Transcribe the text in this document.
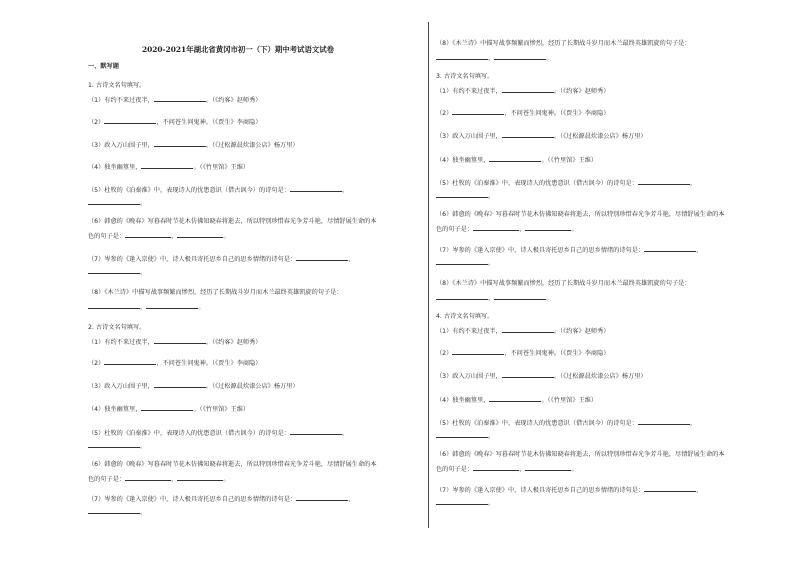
2020-2021年湖北省黄冈市初一（下）期中考试语文试卷
一、默写题
1. 古诗文名句填写。
（1）有约不来过夜半，	。（《约客》赵师秀）
（2）	，不问苍生问鬼神。（《贾生》李商隐）
（3）政入万山围子里，	。（《过松源晨炊漆公店》杨万里）
（4）独坐幽篁里，	。（《竹里馆》王维）
（5）杜牧的《泊秦淮》中，表现诗人的忧患意识（借古讽今）的诗句是：	，
。
（6）韩愈的《晚春》写暮春时节花木仿佛知晓春将逝去，所以特别珍惜春光争芳斗艳，尽情舒展生命的本
色的句子是：	，	。
（7）岑参的《逢入京使》中，诗人极具寄托思乡自己的思乡情绪的诗句是：	，
。
（8）《木兰诗》中描写战事频繁而惨烈，经历了长期战斗岁月而木兰最终英雄凯旋的句子是：
，	。
2. 古诗文名句填写。
（1）有约不来过夜半，	。（《约客》赵师秀）
（2）	，不问苍生问鬼神。（《贾生》李商隐）
（3）政入万山围子里，	。（《过松源晨炊漆公店》杨万里）
（4）独坐幽篁里，	。（《竹里馆》王维）
（5）杜牧的《泊秦淮》中，表现诗人的忧患意识（借古讽今）的诗句是：	，
。
（6）韩愈的《晚春》写暮春时节花木仿佛知晓春将逝去，所以特别珍惜春光争芳斗艳，尽情舒展生命的本
色的句子是：	，	。
（7）岑参的《逢入京使》中，诗人极具寄托思乡自己的思乡情绪的诗句是：	，
。
（8）《木兰诗》中描写战事频繁而惨烈，经历了长期战斗岁月而木兰最终英雄凯旋的句子是：
，	。
3. 古诗文名句填写。
（1）有约不来过夜半，	。（《约客》赵师秀）
（2）	，不问苍生问鬼神。（《贾生》李商隐）
（3）政入万山围子里，	。（《过松源晨炊漆公店》杨万里）
（4）独坐幽篁里，	。（《竹里馆》王维）
（5）杜牧的《泊秦淮》中，表现诗人的忧患意识（借古讽今）的诗句是：	，
。
（6）韩愈的《晚春》写暮春时节花木仿佛知晓春将逝去，所以特别珍惜春光争芳斗艳，尽情舒展生命的本
色的句子是：	，	。
（7）岑参的《逢入京使》中，诗人极具寄托思乡自己的思乡情绪的诗句是：	，
。
（8）《木兰诗》中描写战事频繁而惨烈，经历了长期战斗岁月而木兰最终英雄凯旋的句子是：
，	。
4. 古诗文名句填写。
（1）有约不来过夜半，	。（《约客》赵师秀）
（2）	，不问苍生问鬼神。（《贾生》李商隐）
（3）政入万山围子里，	。（《过松源晨炊漆公店》杨万里）
（4）独坐幽篁里，	。（《竹里馆》王维）
（5）杜牧的《泊秦淮》中，表现诗人的忧患意识（借古讽今）的诗句是：	，
。
（6）韩愈的《晚春》写暮春时节花木仿佛知晓春将逝去，所以特别珍惜春光争芳斗艳，尽情舒展生命的本
色的句子是：	，	。
（7）岑参的《逢入京使》中，诗人极具寄托思乡自己的思乡情绪的诗句是：	，
。
